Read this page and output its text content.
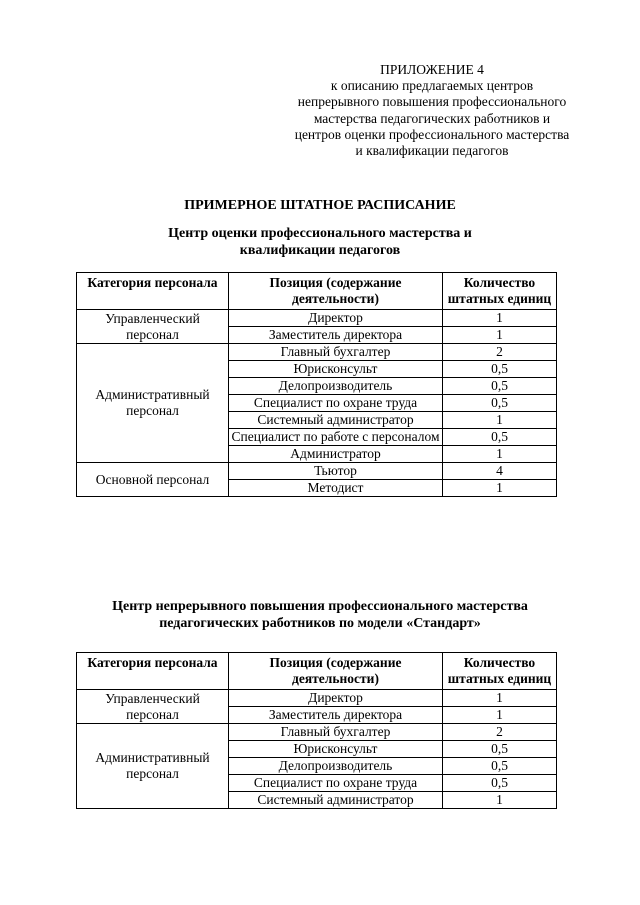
ПРИЛОЖЕНИЕ 4
к описанию предлагаемых центров
непрерывного повышения профессионального
мастерства педагогических работников и
центров оценки профессионального мастерства
и квалификации педагогов
ПРИМЕРНОЕ ШТАТНОЕ РАСПИСАНИЕ
Центр оценки профессионального мастерства и
квалификации педагогов
Категория персонала	Позиция (содержание деятельности)	Количество штатных единиц
Управленческий персонал	Директор	1
	Заместитель директора	1
Административный персонал	Главный бухгалтер	2
	Юрисконсульт	0,5
	Делопроизводитель	0,5
	Специалист по охране труда	0,5
	Системный администратор	1
	Специалист по работе с персоналом	0,5
	Администратор	1
Основной персонал	Тьютор	4
	Методист	1
Центр непрерывного повышения профессионального мастерства
педагогических работников по модели «Стандарт»
Категория персонала	Позиция (содержание деятельности)	Количество штатных единиц
Управленческий персонал	Директор	1
	Заместитель директора	1
Административный персонал	Главный бухгалтер	2
	Юрисконсульт	0,5
	Делопроизводитель	0,5
	Специалист по охране труда	0,5
	Системный администратор	1
